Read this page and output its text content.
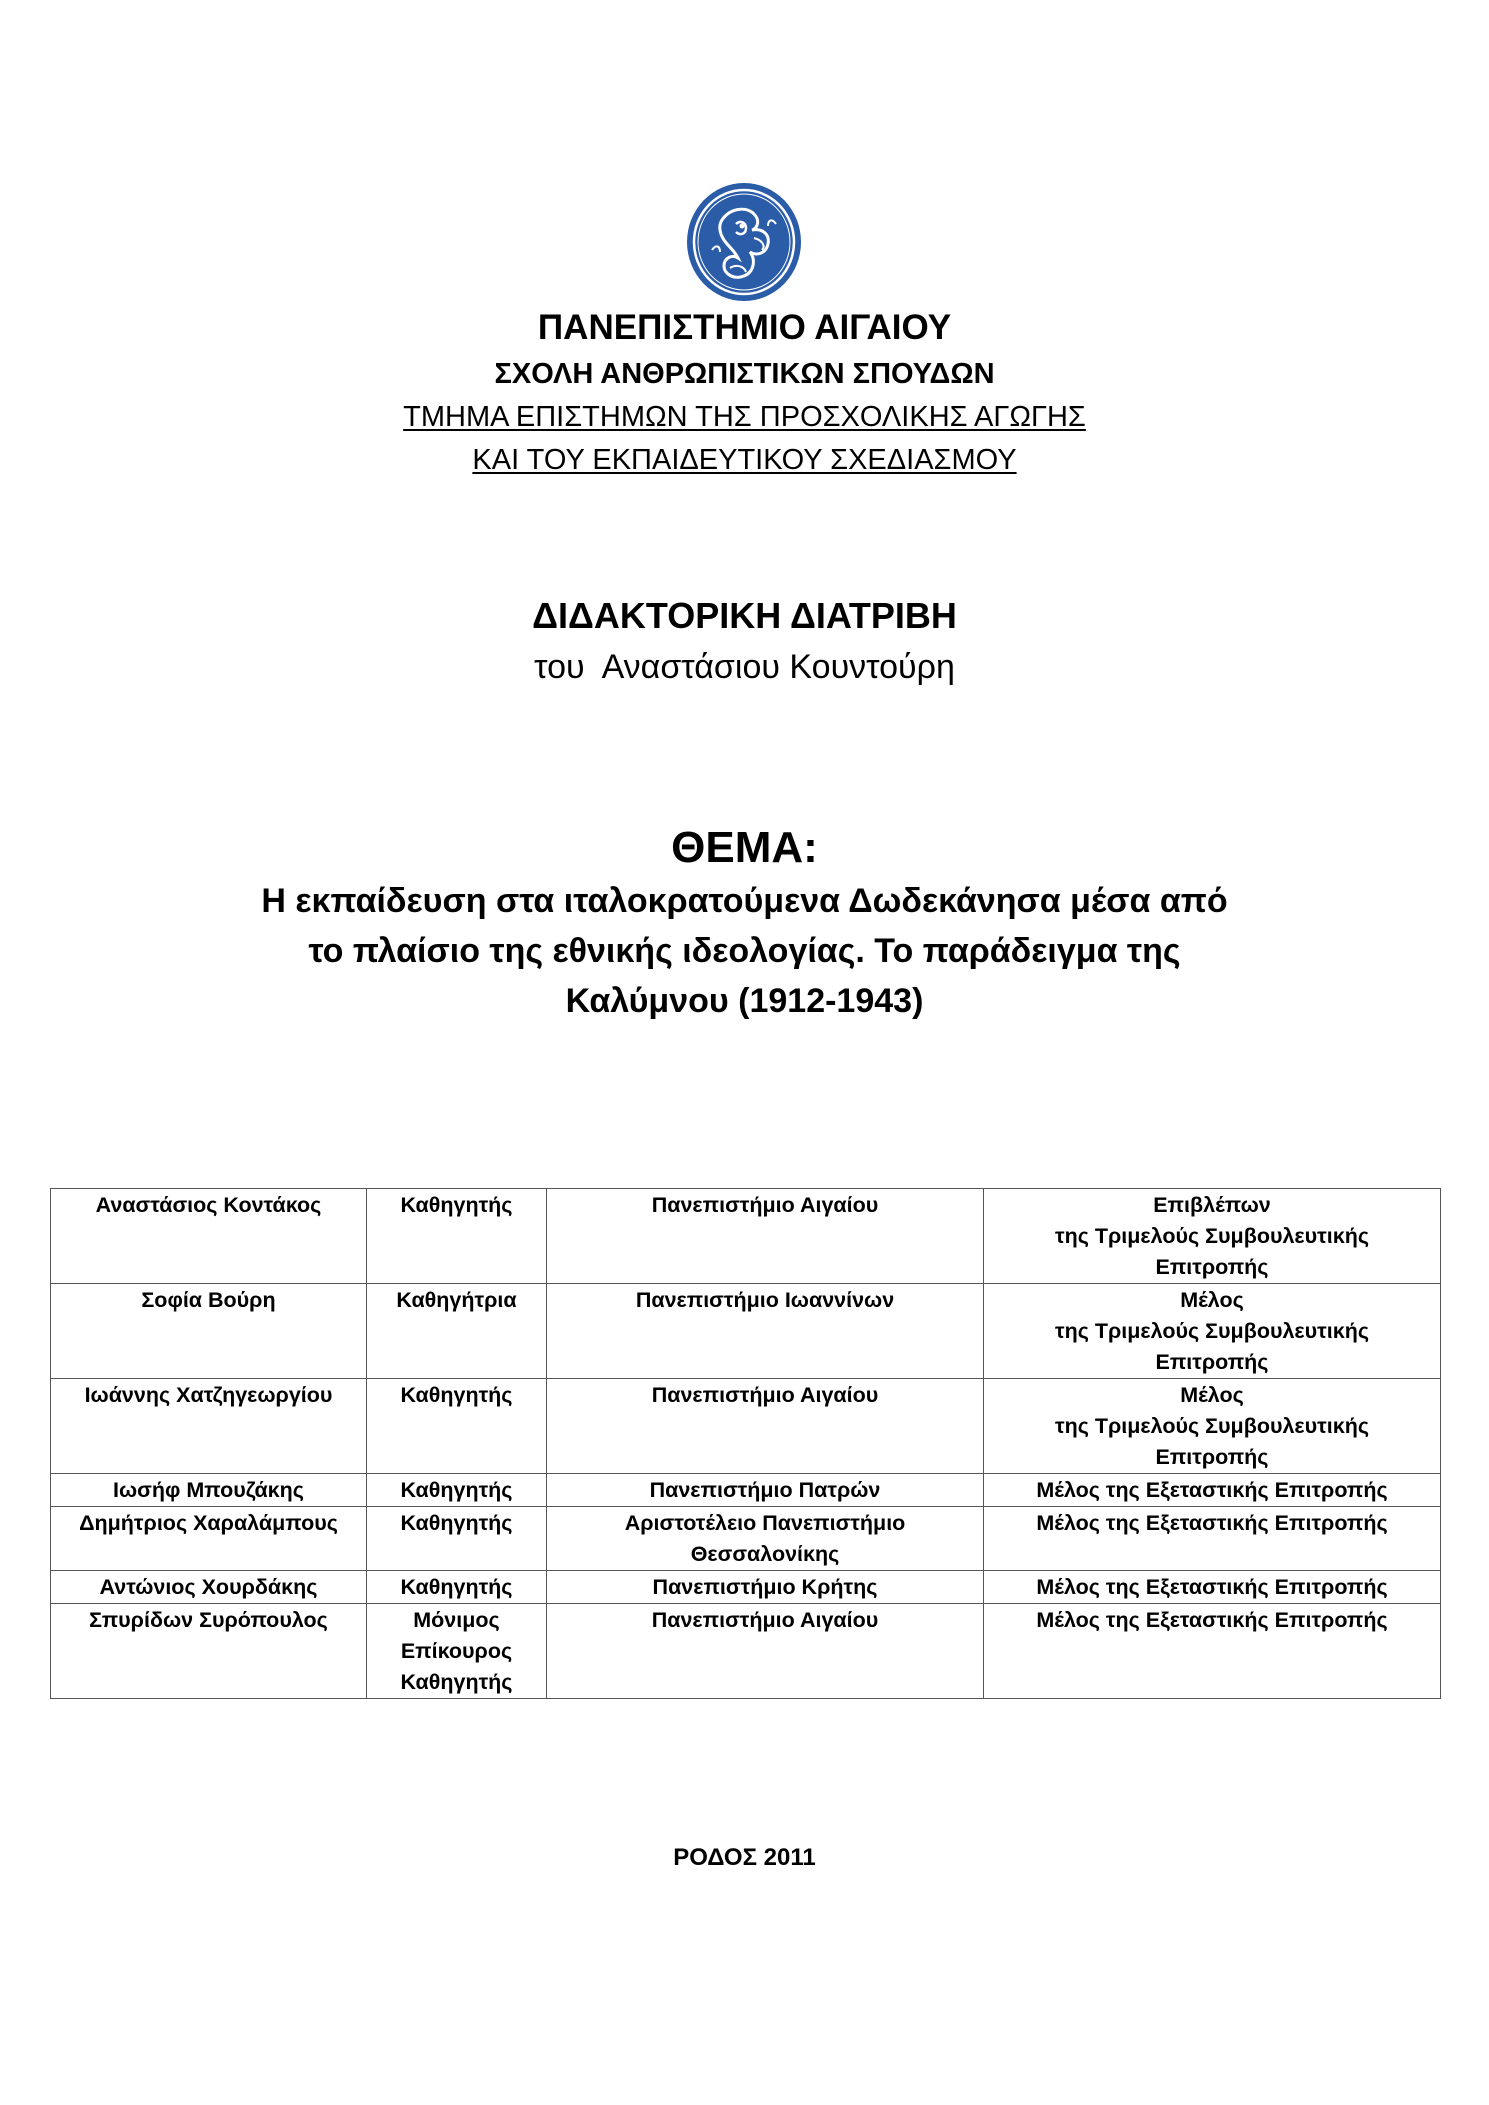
ΠΑΝΕΠΙΣΤΗΜΙΟ ΑΙΓΑΙΟΥ
ΣΧΟΛΗ ΑΝΘΡΩΠΙΣΤΙΚΩΝ ΣΠΟΥΔΩΝ
ΤΜΗΜΑ ΕΠΙΣΤΗΜΩΝ ΤΗΣ ΠΡΟΣΧΟΛΙΚΗΣ ΑΓΩΓΗΣ
ΚΑΙ ΤΟΥ ΕΚΠΑΙΔΕΥΤΙΚΟΥ ΣΧΕΔΙΑΣΜΟΥ
ΔΙΔΑΚΤΟΡΙΚΗ ΔΙΑΤΡΙΒΗ
του  Αναστάσιου Κουντούρη
ΘΕΜΑ:
Η εκπαίδευση στα ιταλοκρατούμενα Δωδεκάνησα μέσα από
το πλαίσιο της εθνικής ιδεολογίας. Το παράδειγμα της
Καλύμνου (1912-1943)
Αναστάσιος Κοντάκος	Καθηγητής	Πανεπιστήμιο Αιγαίου	Επιβλέπων
της Τριμελούς Συμβουλευτικής
Επιτροπής

Σοφία Βούρη	Καθηγήτρια	Πανεπιστήμιο Ιωαννίνων	Μέλος
της Τριμελούς Συμβουλευτικής
Επιτροπής

Ιωάννης Χατζηγεωργίου	Καθηγητής	Πανεπιστήμιο Αιγαίου	Μέλος
της Τριμελούς Συμβουλευτικής
Επιτροπής

Ιωσήφ Μπουζάκης	Καθηγητής	Πανεπιστήμιο Πατρών	Μέλος της Εξεταστικής Επιτροπής

Δημήτριος Χαραλάμπους	Καθηγητής	Αριστοτέλειο Πανεπιστήμιο
Θεσσαλονίκης	Μέλος της Εξεταστικής Επιτροπής

Αντώνιος Χουρδάκης	Καθηγητής	Πανεπιστήμιο Κρήτης	Μέλος της Εξεταστικής Επιτροπής

Σπυρίδων Συρόπουλος	Μόνιμος
Επίκουρος
Καθηγητής	Πανεπιστήμιο Αιγαίου	Μέλος της Εξεταστικής Επιτροπής
ΡΟΔΟΣ 2011
